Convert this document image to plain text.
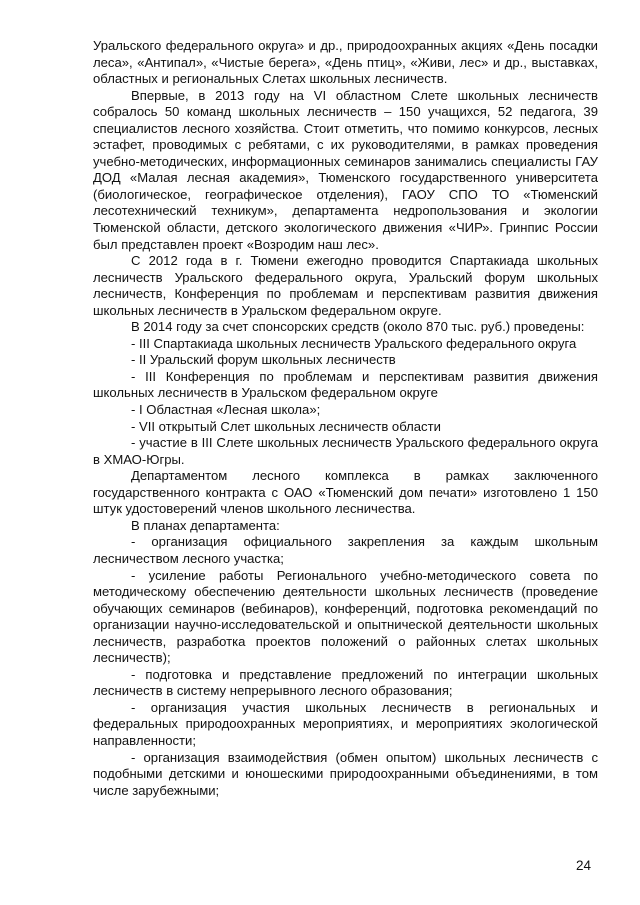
Уральского федерального округа» и др., природоохранных акциях «День посадки леса», «Антипал», «Чистые берега», «День птиц», «Живи, лес» и др., выставках, областных и региональных Слетах школьных лесничеств.

Впервые, в 2013 году на VI областном Слете школьных лесничеств собралось 50 команд школьных лесничеств – 150 учащихся, 52 педагога, 39 специалистов лесного хозяйства. Стоит отметить, что помимо конкурсов, лесных эстафет, проводимых с ребятами, с их руководителями, в рамках проведения учебно-методических, информационных семинаров занимались специалисты ГАУ ДОД «Малая лесная академия», Тюменского государственного университета (биологическое, географическое отделения), ГАОУ СПО ТО «Тюменский лесотехнический техникум», департамента недропользования и экологии Тюменской области, детского экологического движения «ЧИР». Гринпис России был представлен проект «Возродим наш лес».

С 2012 года в г. Тюмени ежегодно проводится Спартакиада школьных лесничеств Уральского федерального округа, Уральский форум школьных лесничеств, Конференция по проблемам и перспективам развития движения школьных лесничеств в Уральском федеральном округе.

В 2014 году за счет спонсорских средств (около 870 тыс. руб.) проведены:

- III Спартакиада школьных лесничеств Уральского федерального округа

- II Уральский форум школьных лесничеств

- III Конференция по проблемам и перспективам развития движения школьных лесничеств в Уральском федеральном округе

- I Областная «Лесная школа»;

- VII открытый Слет школьных лесничеств области

- участие в III Слете школьных лесничеств Уральского федерального округа в ХМАО-Югры.

Департаментом лесного комплекса в рамках заключенного государственного контракта с ОАО «Тюменский дом печати» изготовлено 1 150 штук удостоверений членов школьного лесничества.

В планах департамента:

- организация официального закрепления за каждым школьным лесничеством лесного участка;

- усиление работы Регионального учебно-методического совета по методическому обеспечению деятельности школьных лесничеств (проведение обучающих семинаров (вебинаров), конференций, подготовка рекомендаций по организации научно-исследовательской и опытнической деятельности школьных лесничеств, разработка проектов положений о районных слетах школьных лесничеств);

- подготовка и представление предложений по интеграции школьных лесничеств в систему непрерывного лесного образования;

- организация участия школьных лесничеств в региональных и федеральных природоохранных мероприятиях, и мероприятиях экологической направленности;

- организация взаимодействия (обмен опытом) школьных лесничеств с подобными детскими и юношескими природоохранными объединениями, в том числе зарубежными;

24
